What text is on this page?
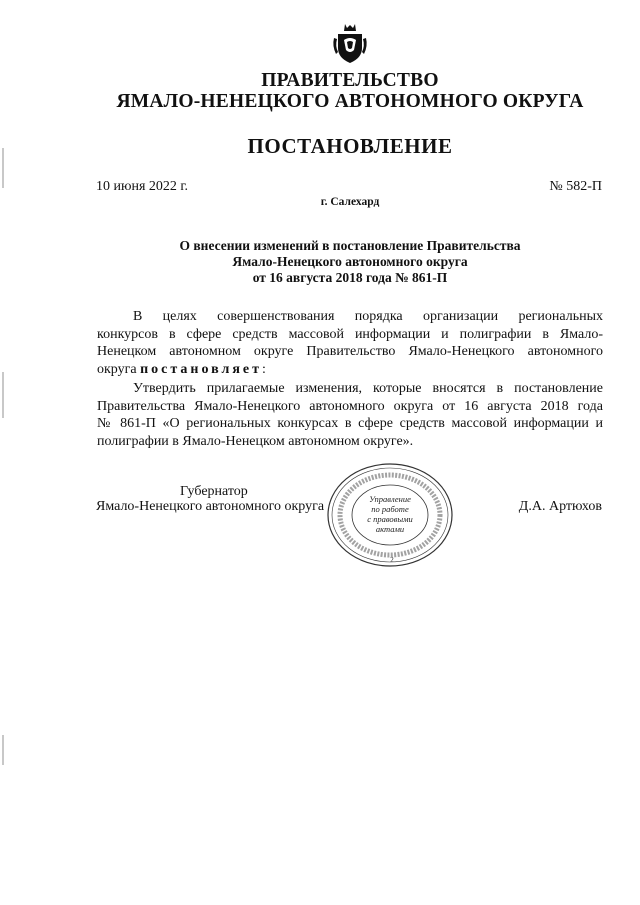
ПРАВИТЕЛЬСТВО
ЯМАЛО-НЕНЕЦКОГО АВТОНОМНОГО ОКРУГА
ПОСТАНОВЛЕНИЕ
10 июня 2022 г.	№ 582-П
г. Салехард
О внесении изменений в постановление Правительства
Ямало-Ненецкого автономного округа
от 16 августа 2018 года № 861-П
В целях совершенствования порядка организации региональных
конкурсов в сфере средств массовой информации и полиграфии в Ямало-
Ненецком автономном округе Правительство Ямало-Ненецкого автономного
округа постановляет:
Утвердить прилагаемые изменения, которые вносятся в постановление
Правительства Ямало-Ненецкого автономного округа от 16 августа 2018 года
№ 861-П «О региональных конкурсах в сфере средств массовой информации и
полиграфии в Ямало-Ненецком автономном округе».
Губернатор
Ямало-Ненецкого автономного округа	Д.А. Артюхов
Управление
по работе
с правовыми
актами
2
